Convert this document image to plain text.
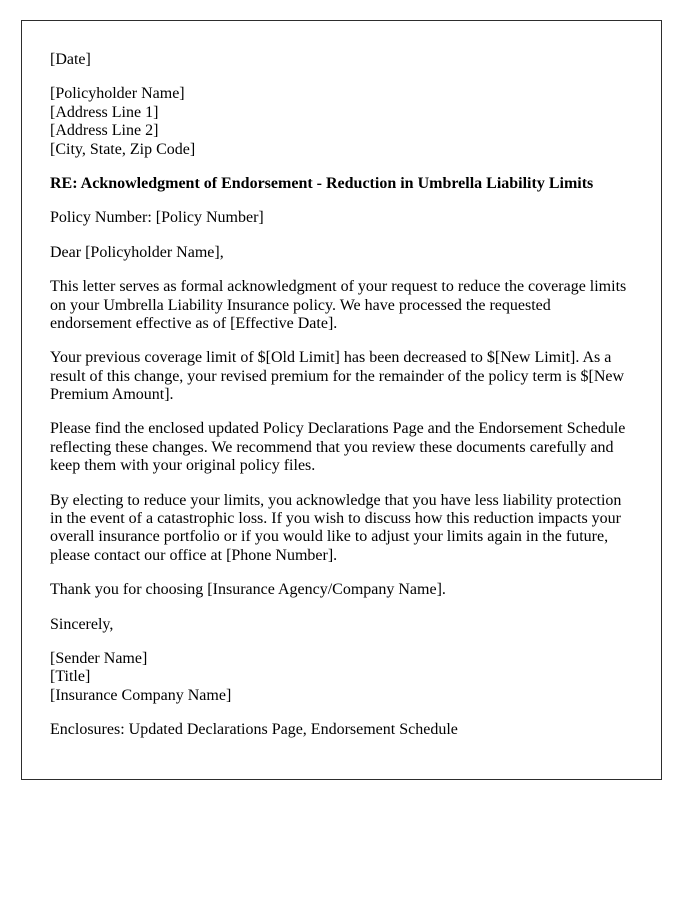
[Date]

[Policyholder Name]
[Address Line 1]
[Address Line 2]
[City, State, Zip Code]

RE: Acknowledgment of Endorsement - Reduction in Umbrella Liability Limits

Policy Number: [Policy Number]

Dear [Policyholder Name],

This letter serves as formal acknowledgment of your request to reduce the coverage limits on your Umbrella Liability Insurance policy. We have processed the requested endorsement effective as of [Effective Date].

Your previous coverage limit of $[Old Limit] has been decreased to $[New Limit]. As a result of this change, your revised premium for the remainder of the policy term is $[New Premium Amount].

Please find the enclosed updated Policy Declarations Page and the Endorsement Schedule reflecting these changes. We recommend that you review these documents carefully and keep them with your original policy files.

By electing to reduce your limits, you acknowledge that you have less liability protection in the event of a catastrophic loss. If you wish to discuss how this reduction impacts your overall insurance portfolio or if you would like to adjust your limits again in the future, please contact our office at [Phone Number].

Thank you for choosing [Insurance Agency/Company Name].

Sincerely,

[Sender Name]
[Title]
[Insurance Company Name]

Enclosures: Updated Declarations Page, Endorsement Schedule
